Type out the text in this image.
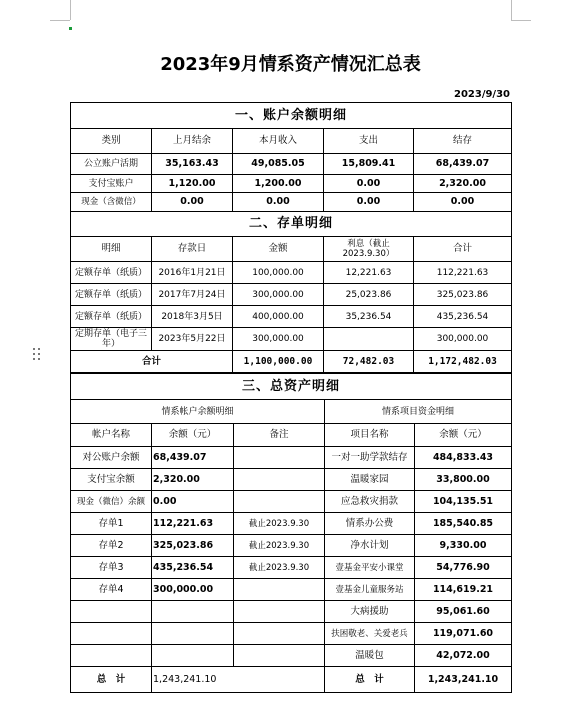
2023年9月情系资产情况汇总表
2023/9/30
一、账户余额明细				
类别	上月结余	本月收入	支出	结存
公立账户活期	35,163.43	49,085.05	15,809.41	68,439.07
支付宝账户	1,120.00	1,200.00	0.00	2,320.00
现金（含微信）	0.00	0.00	0.00	0.00
二、存单明细				
明细	存款日	金额	利息（截止2023.9.30）	合计
定额存单（纸质）	2016年1月21日	100,000.00	12,221.63	112,221.63
定额存单（纸质）	2017年7月24日	300,000.00	25,023.86	325,023.86
定额存单（纸质）	2018年3月5日	400,000.00	35,236.54	435,236.54
定期存单（电子三年）	2023年5月22日	300,000.00		300,000.00
合计		1,100,000.00	72,482.03	1,172,482.03
三、总资产明细				
情系帐户余额明细			情系项目资金明细	
帐户名称	余额（元）	备注	项目名称	余额（元）
对公账户余额	68,439.07		一对一助学款结存	484,833.43
支付宝余额	2,320.00		温暖家园	33,800.00
现金（微信）余额	0.00		应急救灾捐款	104,135.51
存单1	112,221.63	截止2023.9.30	情系办公费	185,540.85
存单2	325,023.86	截止2023.9.30	净水计划	9,330.00
存单3	435,236.54	截止2023.9.30	壹基金平安小课堂	54,776.90
存单4	300,000.00		壹基金儿童服务站	114,619.21
			大病援助	95,061.60
			扶困敬老、关爱老兵	119,071.60
			温暖包	42,072.00
总　计	1,243,241.10		总　计	1,243,241.10
